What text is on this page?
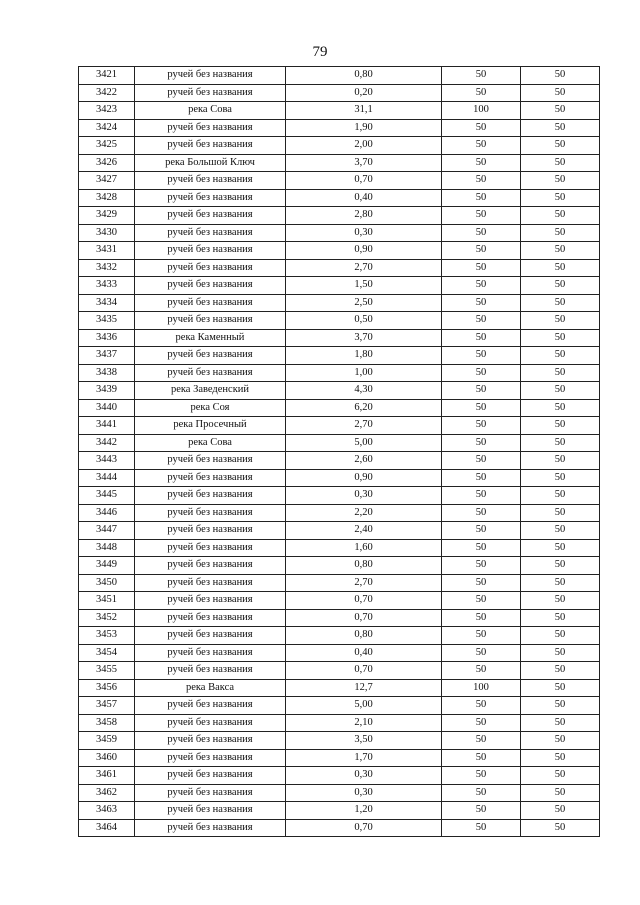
79
3421	ручей без названия	0,80	50	50
3422	ручей без названия	0,20	50	50
3423	река Сова	31,1	100	50
3424	ручей без названия	1,90	50	50
3425	ручей без названия	2,00	50	50
3426	река Большой Ключ	3,70	50	50
3427	ручей без названия	0,70	50	50
3428	ручей без названия	0,40	50	50
3429	ручей без названия	2,80	50	50
3430	ручей без названия	0,30	50	50
3431	ручей без названия	0,90	50	50
3432	ручей без названия	2,70	50	50
3433	ручей без названия	1,50	50	50
3434	ручей без названия	2,50	50	50
3435	ручей без названия	0,50	50	50
3436	река Каменный	3,70	50	50
3437	ручей без названия	1,80	50	50
3438	ручей без названия	1,00	50	50
3439	река Заведенский	4,30	50	50
3440	река Соя	6,20	50	50
3441	река Просечный	2,70	50	50
3442	река Сова	5,00	50	50
3443	ручей без названия	2,60	50	50
3444	ручей без названия	0,90	50	50
3445	ручей без названия	0,30	50	50
3446	ручей без названия	2,20	50	50
3447	ручей без названия	2,40	50	50
3448	ручей без названия	1,60	50	50
3449	ручей без названия	0,80	50	50
3450	ручей без названия	2,70	50	50
3451	ручей без названия	0,70	50	50
3452	ручей без названия	0,70	50	50
3453	ручей без названия	0,80	50	50
3454	ручей без названия	0,40	50	50
3455	ручей без названия	0,70	50	50
3456	река Вакса	12,7	100	50
3457	ручей без названия	5,00	50	50
3458	ручей без названия	2,10	50	50
3459	ручей без названия	3,50	50	50
3460	ручей без названия	1,70	50	50
3461	ручей без названия	0,30	50	50
3462	ручей без названия	0,30	50	50
3463	ручей без названия	1,20	50	50
3464	ручей без названия	0,70	50	50
